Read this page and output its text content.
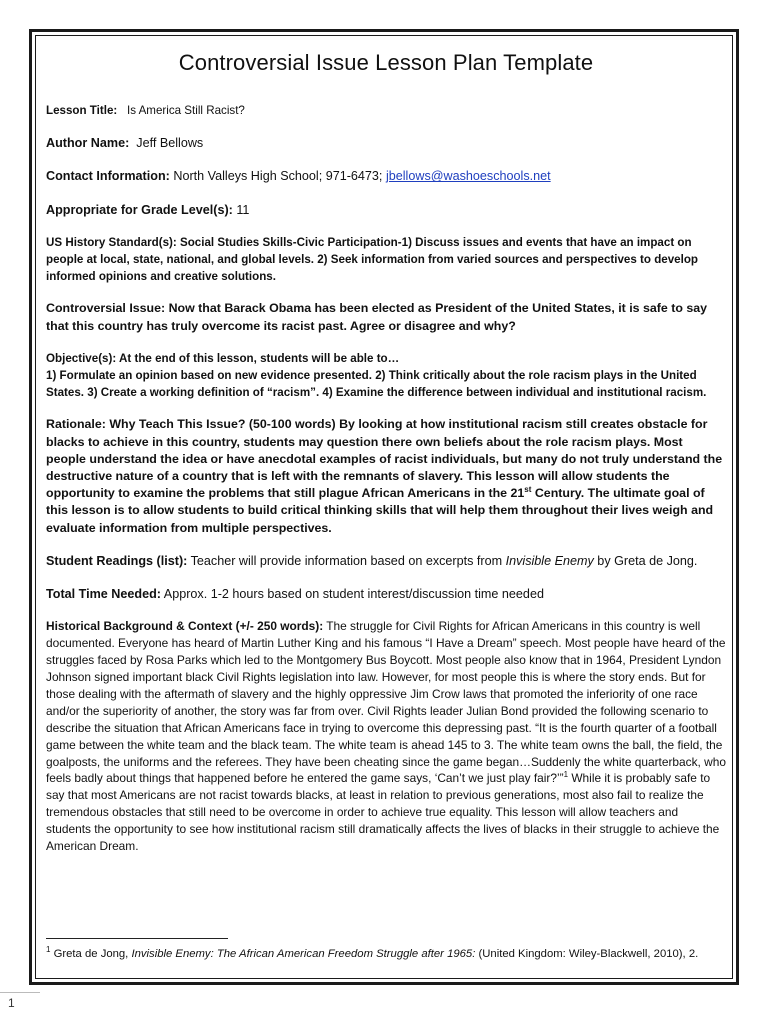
Controversial Issue Lesson Plan Template

Lesson Title: Is America Still Racist?

Author Name: Jeff Bellows

Contact Information: North Valleys High School; 971-6473; jbellows@washoeschools.net

Appropriate for Grade Level(s): 11

US History Standard(s): Social Studies Skills-Civic Participation-1) Discuss issues and events that have an impact on people at local, state, national, and global levels. 2) Seek information from varied sources and perspectives to develop informed opinions and creative solutions.

Controversial Issue: Now that Barack Obama has been elected as President of the United States, it is safe to say that this country has truly overcome its racist past. Agree or disagree and why?

Objective(s): At the end of this lesson, students will be able to…

1) Formulate an opinion based on new evidence presented. 2) Think critically about the role racism plays in the United States. 3) Create a working definition of “racism”. 4) Examine the difference between individual and institutional racism.

Rationale: Why Teach This Issue? (50-100 words) By looking at how institutional racism still creates obstacle for blacks to achieve in this country, students may question there own beliefs about the role racism plays. Most people understand the idea or have anecdotal examples of racist individuals, but many do not truly understand the destructive nature of a country that is left with the remnants of slavery. This lesson will allow students the opportunity to examine the problems that still plague African Americans in the 21st Century. The ultimate goal of this lesson is to allow students to build critical thinking skills that will help them throughout their lives weigh and evaluate information from multiple perspectives.

Student Readings (list): Teacher will provide information based on excerpts from Invisible Enemy by Greta de Jong.

Total Time Needed: Approx. 1-2 hours based on student interest/discussion time needed

Historical Background & Context (+/- 250 words): The struggle for Civil Rights for African Americans in this country is well documented. Everyone has heard of Martin Luther King and his famous “I Have a Dream” speech. Most people have heard of the struggles faced by Rosa Parks which led to the Montgomery Bus Boycott. Most people also know that in 1964, President Lyndon Johnson signed important black Civil Rights legislation into law. However, for most people this is where the story ends. But for those dealing with the aftermath of slavery and the highly oppressive Jim Crow laws that promoted the inferiority of one race and/or the superiority of another, the story was far from over. Civil Rights leader Julian Bond provided the following scenario to describe the situation that African Americans face in trying to overcome this depressing past. “It is the fourth quarter of a football game between the white team and the black team. The white team is ahead 145 to 3. The white team owns the ball, the field, the goalposts, the uniforms and the referees. They have been cheating since the game began…Suddenly the white quarterback, who feels badly about things that happened before he entered the game says, ‘Can’t we just play fair?’”$^1$ While it is probably safe to say that most Americans are not racist towards blacks, at least in relation to previous generations, most also fail to realize the tremendous obstacles that still need to be overcome in order to achieve true equality. This lesson will allow teachers and students the opportunity to see how institutional racism still dramatically affects the lives of blacks in their struggle to achieve the American Dream.

$^1$ Greta de Jong, Invisible Enemy: The African American Freedom Struggle after 1965: (United Kingdom: Wiley-Blackwell, 2010), 2.
1
